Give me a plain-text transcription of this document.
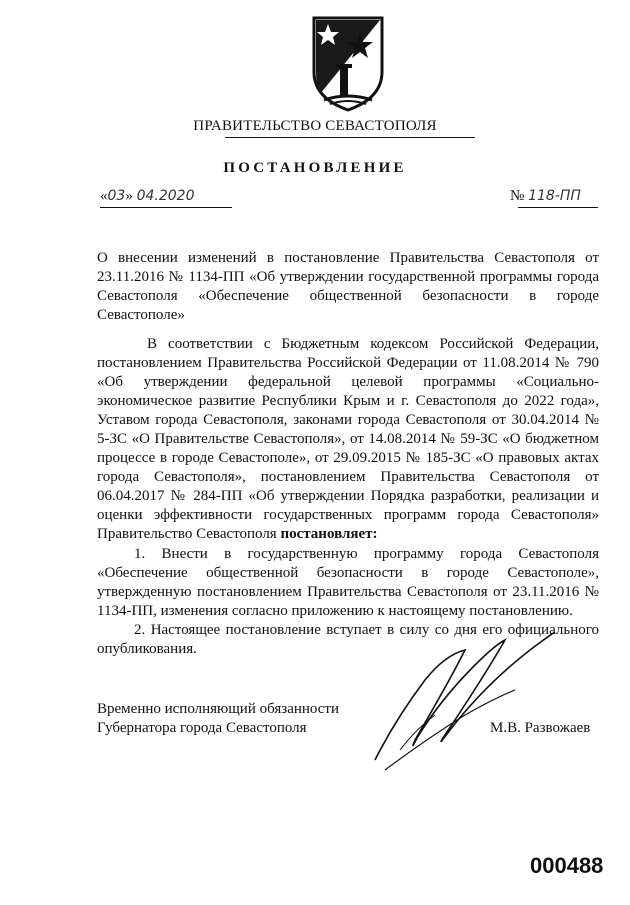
ПРАВИТЕЛЬСТВО СЕВАСТОПОЛЯ
ПОСТАНОВЛЕНИЕ
«03» 04.2020	№ 118-ПП

О внесении изменений в постановление Правительства Севастополя от 23.11.2016 № 1134-ПП «Об утверждении государственной программы города Севастополя «Обеспечение общественной безопасности в городе Севастополе»

В соответствии с Бюджетным кодексом Российской Федерации, постановлением Правительства Российской Федерации от 11.08.2014 № 790 «Об утверждении федеральной целевой программы «Социально-экономическое развитие Республики Крым и г. Севастополя до 2022 года», Уставом города Севастополя, законами города Севастополя от 30.04.2014 № 5-ЗС «О Правительстве Севастополя», от 14.08.2014 № 59-ЗС «О бюджетном процессе в городе Севастополе», от 29.09.2015 № 185-ЗС «О правовых актах города Севастополя», постановлением Правительства Севастополя от 06.04.2017 № 284-ПП «Об утверждении Порядка разработки, реализации и оценки эффективности государственных программ города Севастополя» Правительство Севастополя постановляет:

1. Внести в государственную программу города Севастополя «Обеспечение общественной безопасности в городе Севастополе», утвержденную постановлением Правительства Севастополя от 23.11.2016 № 1134-ПП, изменения согласно приложению к настоящему постановлению.

2. Настоящее постановление вступает в силу со дня его официального опубликования.

Временно исполняющий обязанности
Губернатора города Севастополя	М.В. Развожаев
000488
